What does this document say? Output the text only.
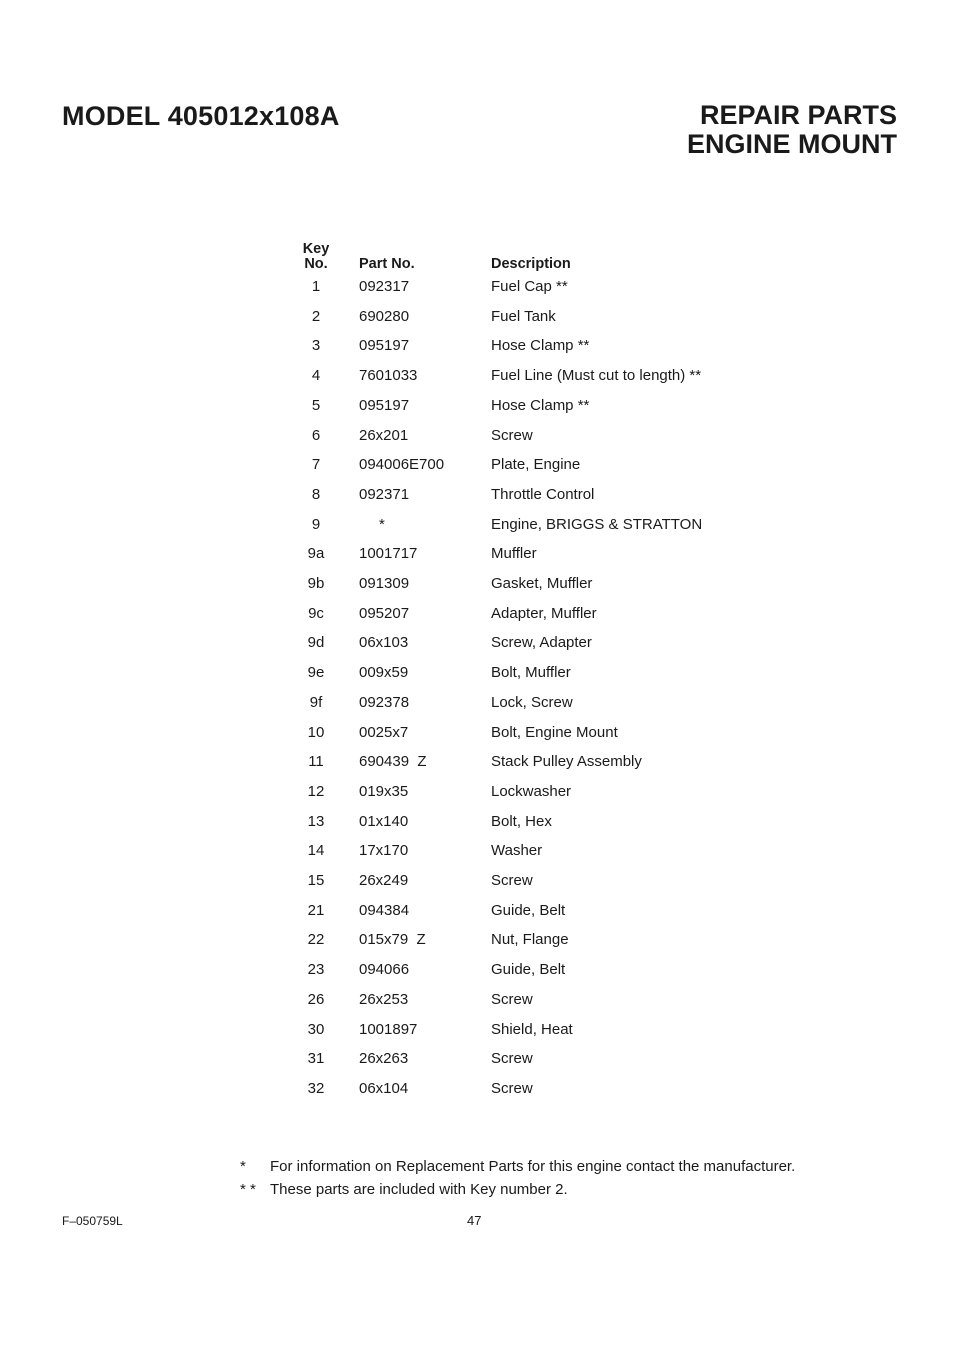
MODEL 405012x108A	REPAIR PARTS
ENGINE MOUNT
Key
No.	Part No.	Description
1	092317	Fuel Cap **
2	690280	Fuel Tank
3	095197	Hose Clamp **
4	7601033	Fuel Line (Must cut to length) **
5	095197	Hose Clamp **
6	26x201	Screw
7	094006E700	Plate, Engine
8	092371	Throttle Control
9	*	Engine, BRIGGS & STRATTON
9a	1001717	Muffler
9b	091309	Gasket, Muffler
9c	095207	Adapter, Muffler
9d	06x103	Screw, Adapter
9e	009x59	Bolt, Muffler
9f	092378	Lock, Screw
10	0025x7	Bolt, Engine Mount
11	690439  Z	Stack Pulley Assembly
12	019x35	Lockwasher
13	01x140	Bolt, Hex
14	17x170	Washer
15	26x249	Screw
21	094384	Guide, Belt
22	015x79  Z	Nut, Flange
23	094066	Guide, Belt
26	26x253	Screw
30	1001897	Shield, Heat
31	26x263	Screw
32	06x104	Screw
*	For information on Replacement Parts for this engine contact the manufacturer.
* * These parts are included with Key number 2.
F–050759L	47
